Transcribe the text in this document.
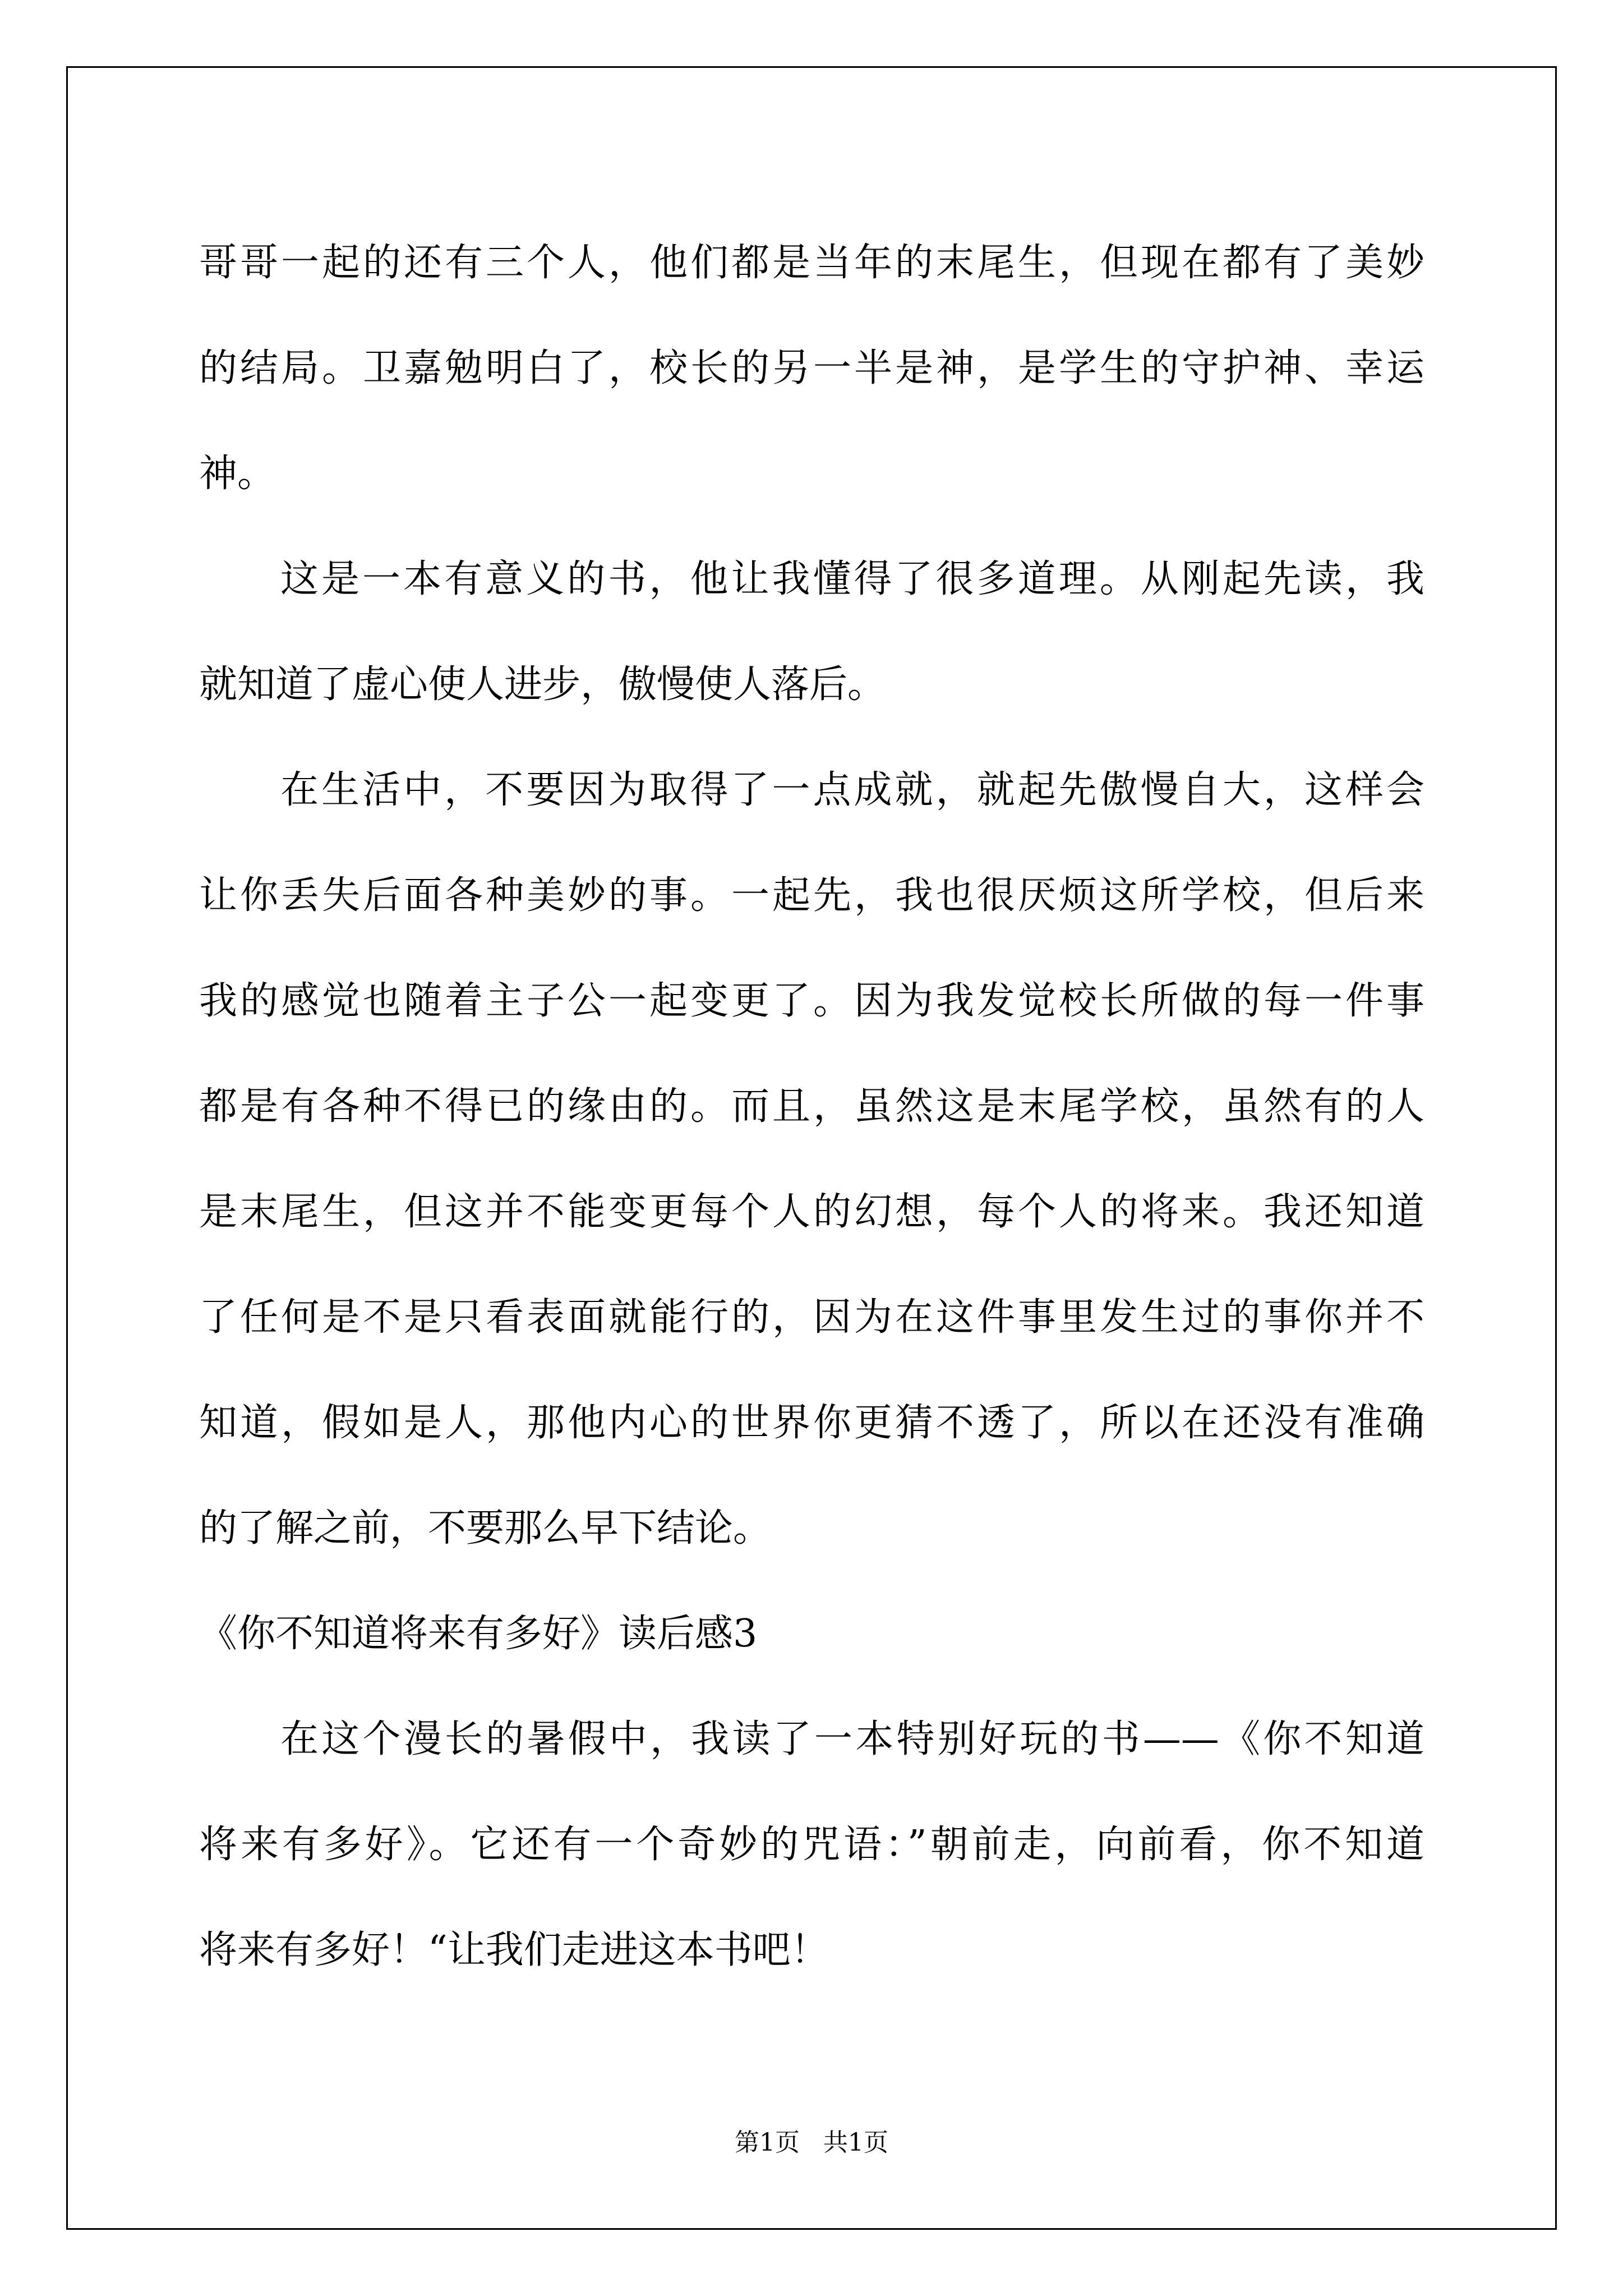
哥哥一起的还有三个人，他们都是当年的末尾生，但现在都有了美妙
的结局。卫嘉勉明白了，校长的另一半是神，是学生的守护神、幸运
神。
这是一本有意义的书，他让我懂得了很多道理。从刚起先读，我
就知道了虚心使人进步，傲慢使人落后。
在生活中，不要因为取得了一点成就，就起先傲慢自大，这样会
让你丢失后面各种美妙的事。一起先，我也很厌烦这所学校，但后来
我的感觉也随着主子公一起变更了。因为我发觉校长所做的每一件事
都是有各种不得已的缘由的。而且，虽然这是末尾学校，虽然有的人
是末尾生，但这并不能变更每个人的幻想，每个人的将来。我还知道
了任何是不是只看表面就能行的，因为在这件事里发生过的事你并不
知道，假如是人，那他内心的世界你更猜不透了，所以在还没有准确
的了解之前，不要那么早下结论。
《你不知道将来有多好》读后感3
在这个漫长的暑假中，我读了一本特别好玩的书——《你不知道
将来有多好》。它还有一个奇妙的咒语：”朝前走，向前看，你不知道
将来有多好！“让我们走进这本书吧！
第1页 共1页
